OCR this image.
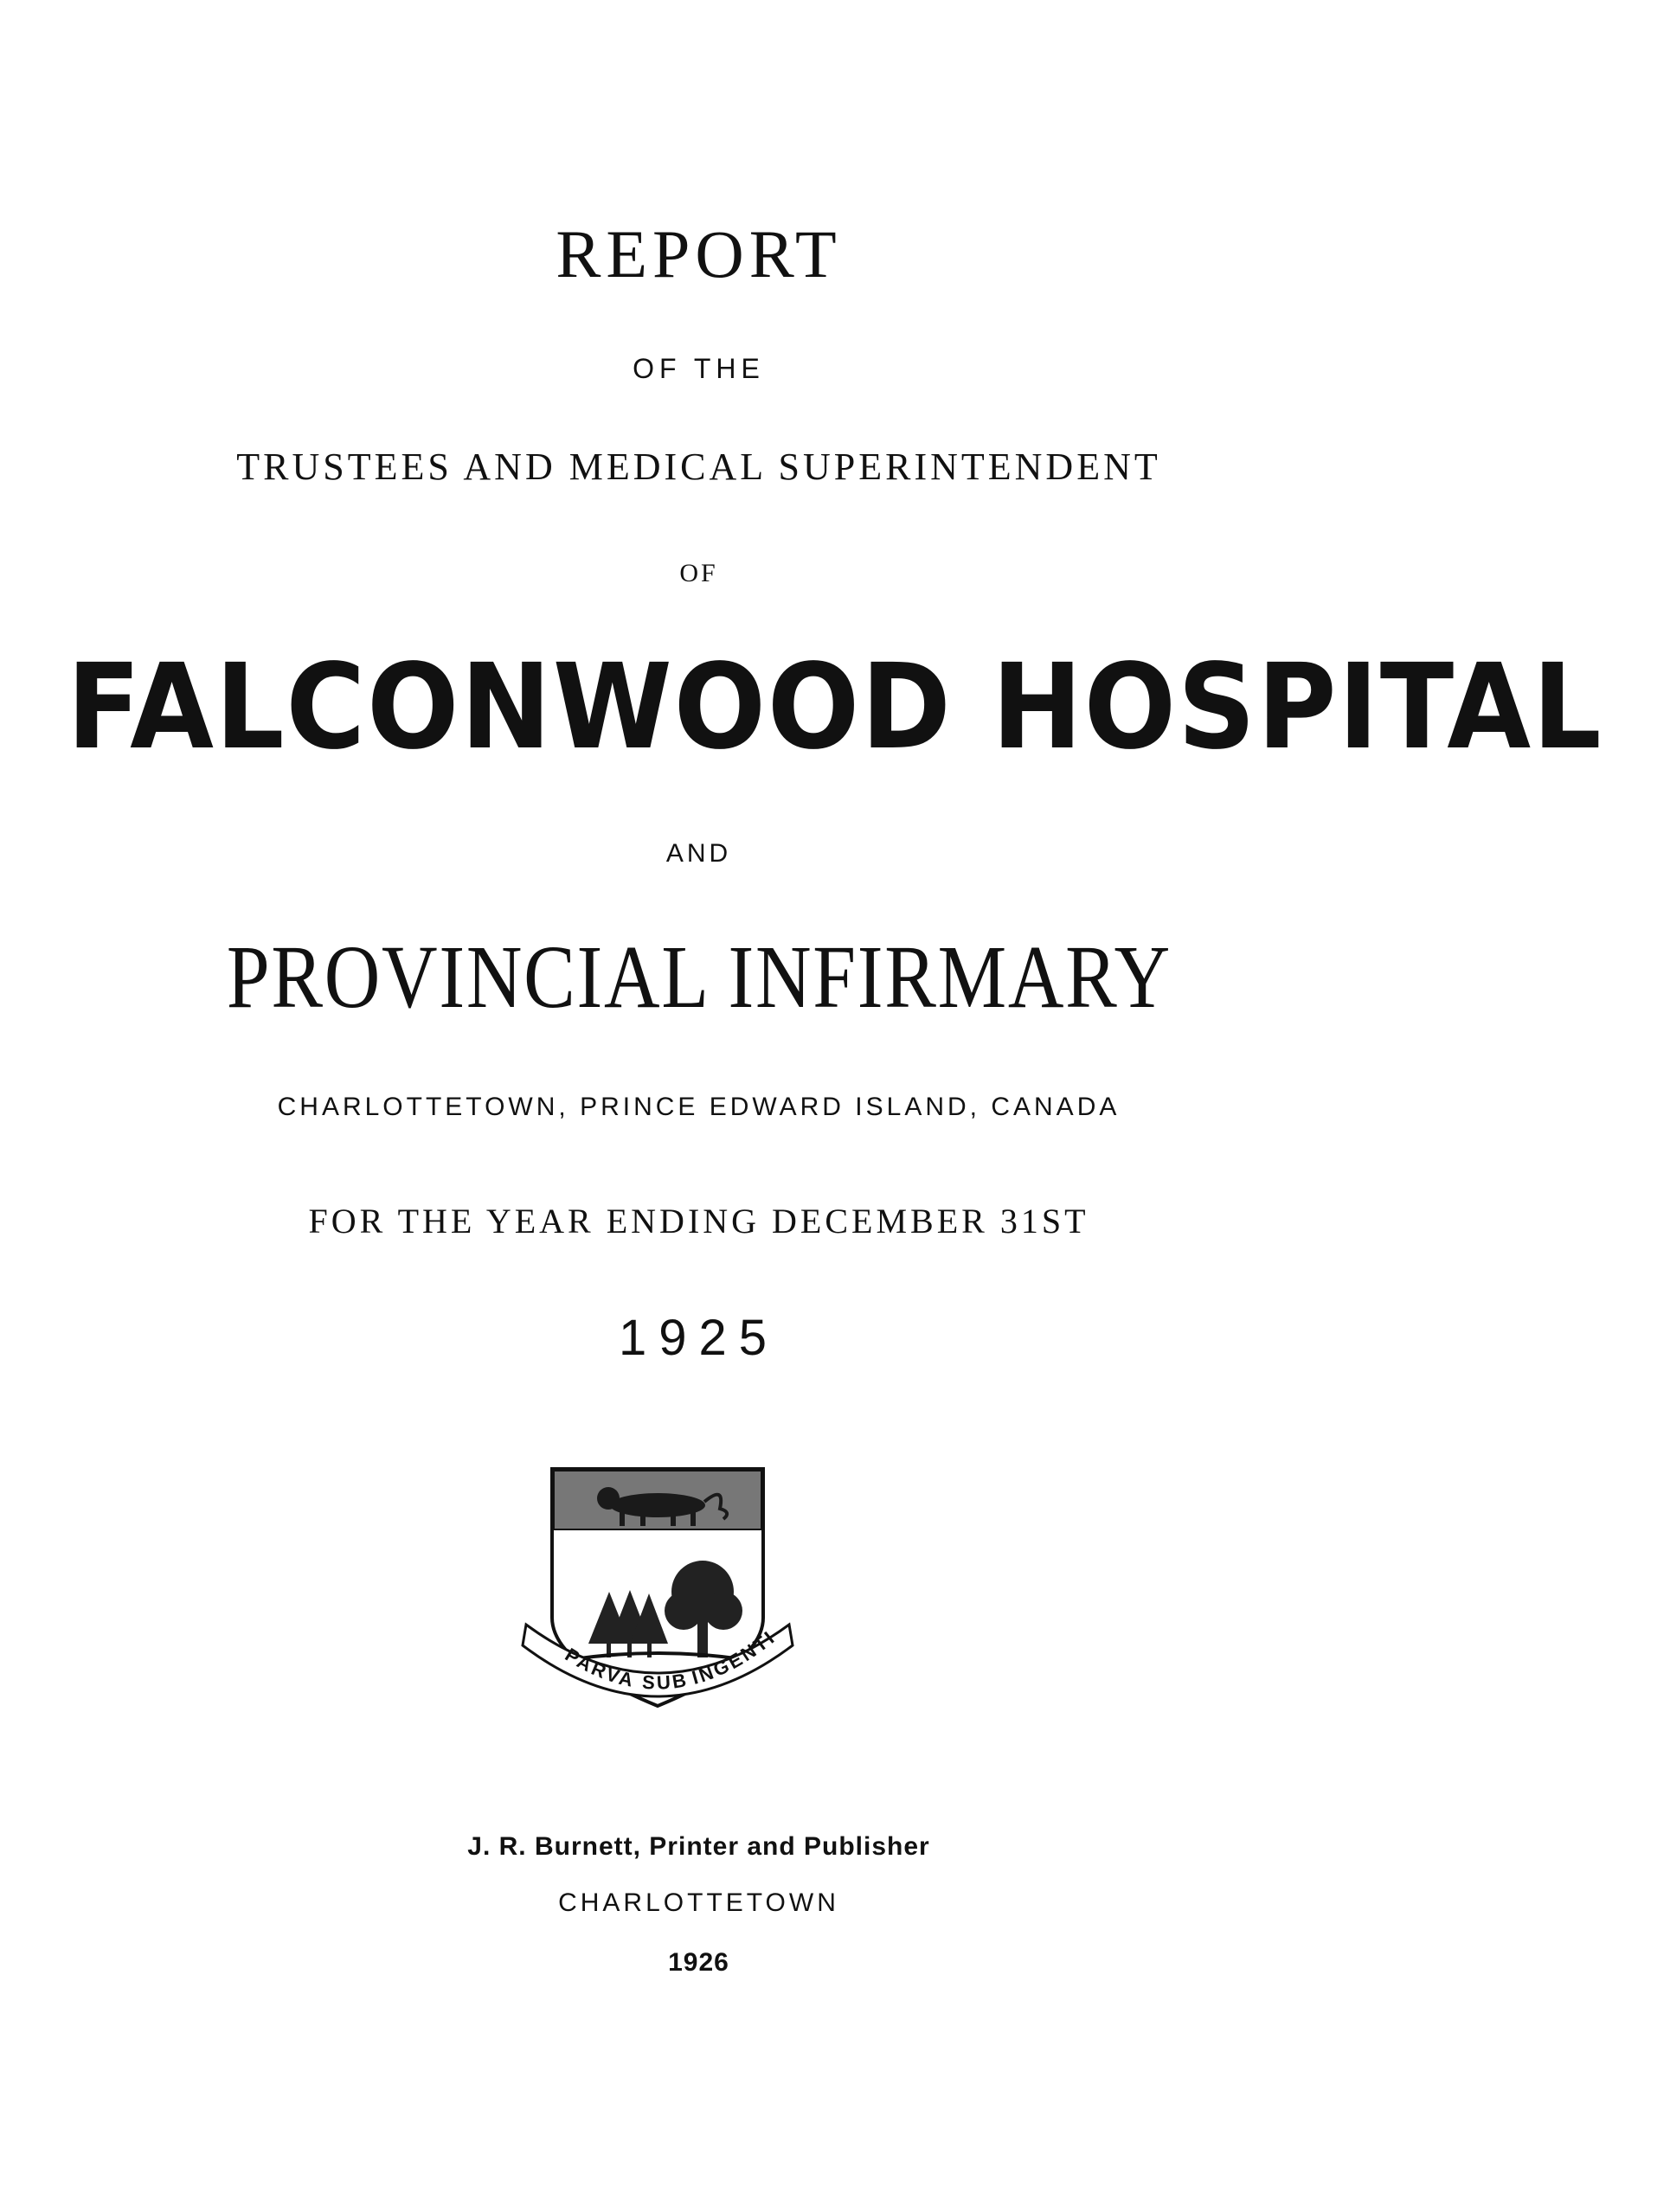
REPORT
OF THE
TRUSTEES AND MEDICAL SUPERINTENDENT
OF
FALCONWOOD HOSPITAL
AND
PROVINCIAL INFIRMARY
CHARLOTTETOWN, PRINCE EDWARD ISLAND, CANADA
FOR THE YEAR ENDING DECEMBER 31ST
1925
PARVA SUB INGENTI
J. R. Burnett, Printer and Publisher
CHARLOTTETOWN
1926
